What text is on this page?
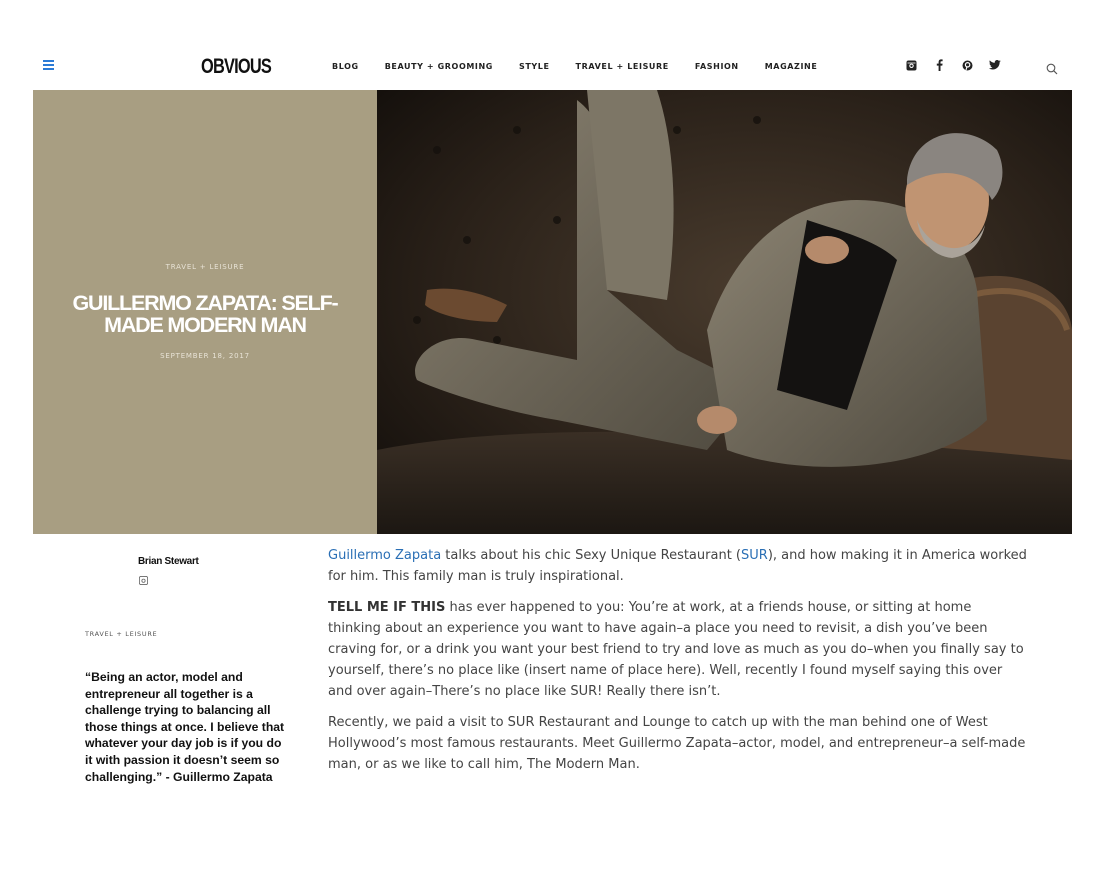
OBVIOUS	BLOG	BEAUTY + GROOMING	STYLE	TRAVEL + LEISURE	FASHION	MAGAZINE
TRAVEL + LEISURE
GUILLERMO ZAPATA: SELF-
MADE MODERN MAN
SEPTEMBER 18, 2017
Brian Stewart
TRAVEL + LEISURE
“Being an actor, model and entrepreneur all together is a challenge trying to balancing all those things at once. I believe that whatever your day job is if you do it with passion it doesn’t seem so challenging.” - Guillermo Zapata

Guillermo Zapata talks about his chic Sexy Unique Restaurant (SUR), and how making it in America worked for him. This family man is truly inspirational.

TELL ME IF THIS has ever happened to you: You’re at work, at a friends house, or sitting at home thinking about an experience you want to have again–a place you need to revisit, a dish you’ve been craving for, or a drink you want your best friend to try and love as much as you do–when you finally say to yourself, there’s no place like (insert name of place here). Well, recently I found myself saying this over and over again–There’s no place like SUR! Really there isn’t.

Recently, we paid a visit to SUR Restaurant and Lounge to catch up with the man behind one of West Hollywood’s most famous restaurants. Meet Guillermo Zapata–actor, model, and entrepreneur–a self-made man, or as we like to call him, The Modern Man.
